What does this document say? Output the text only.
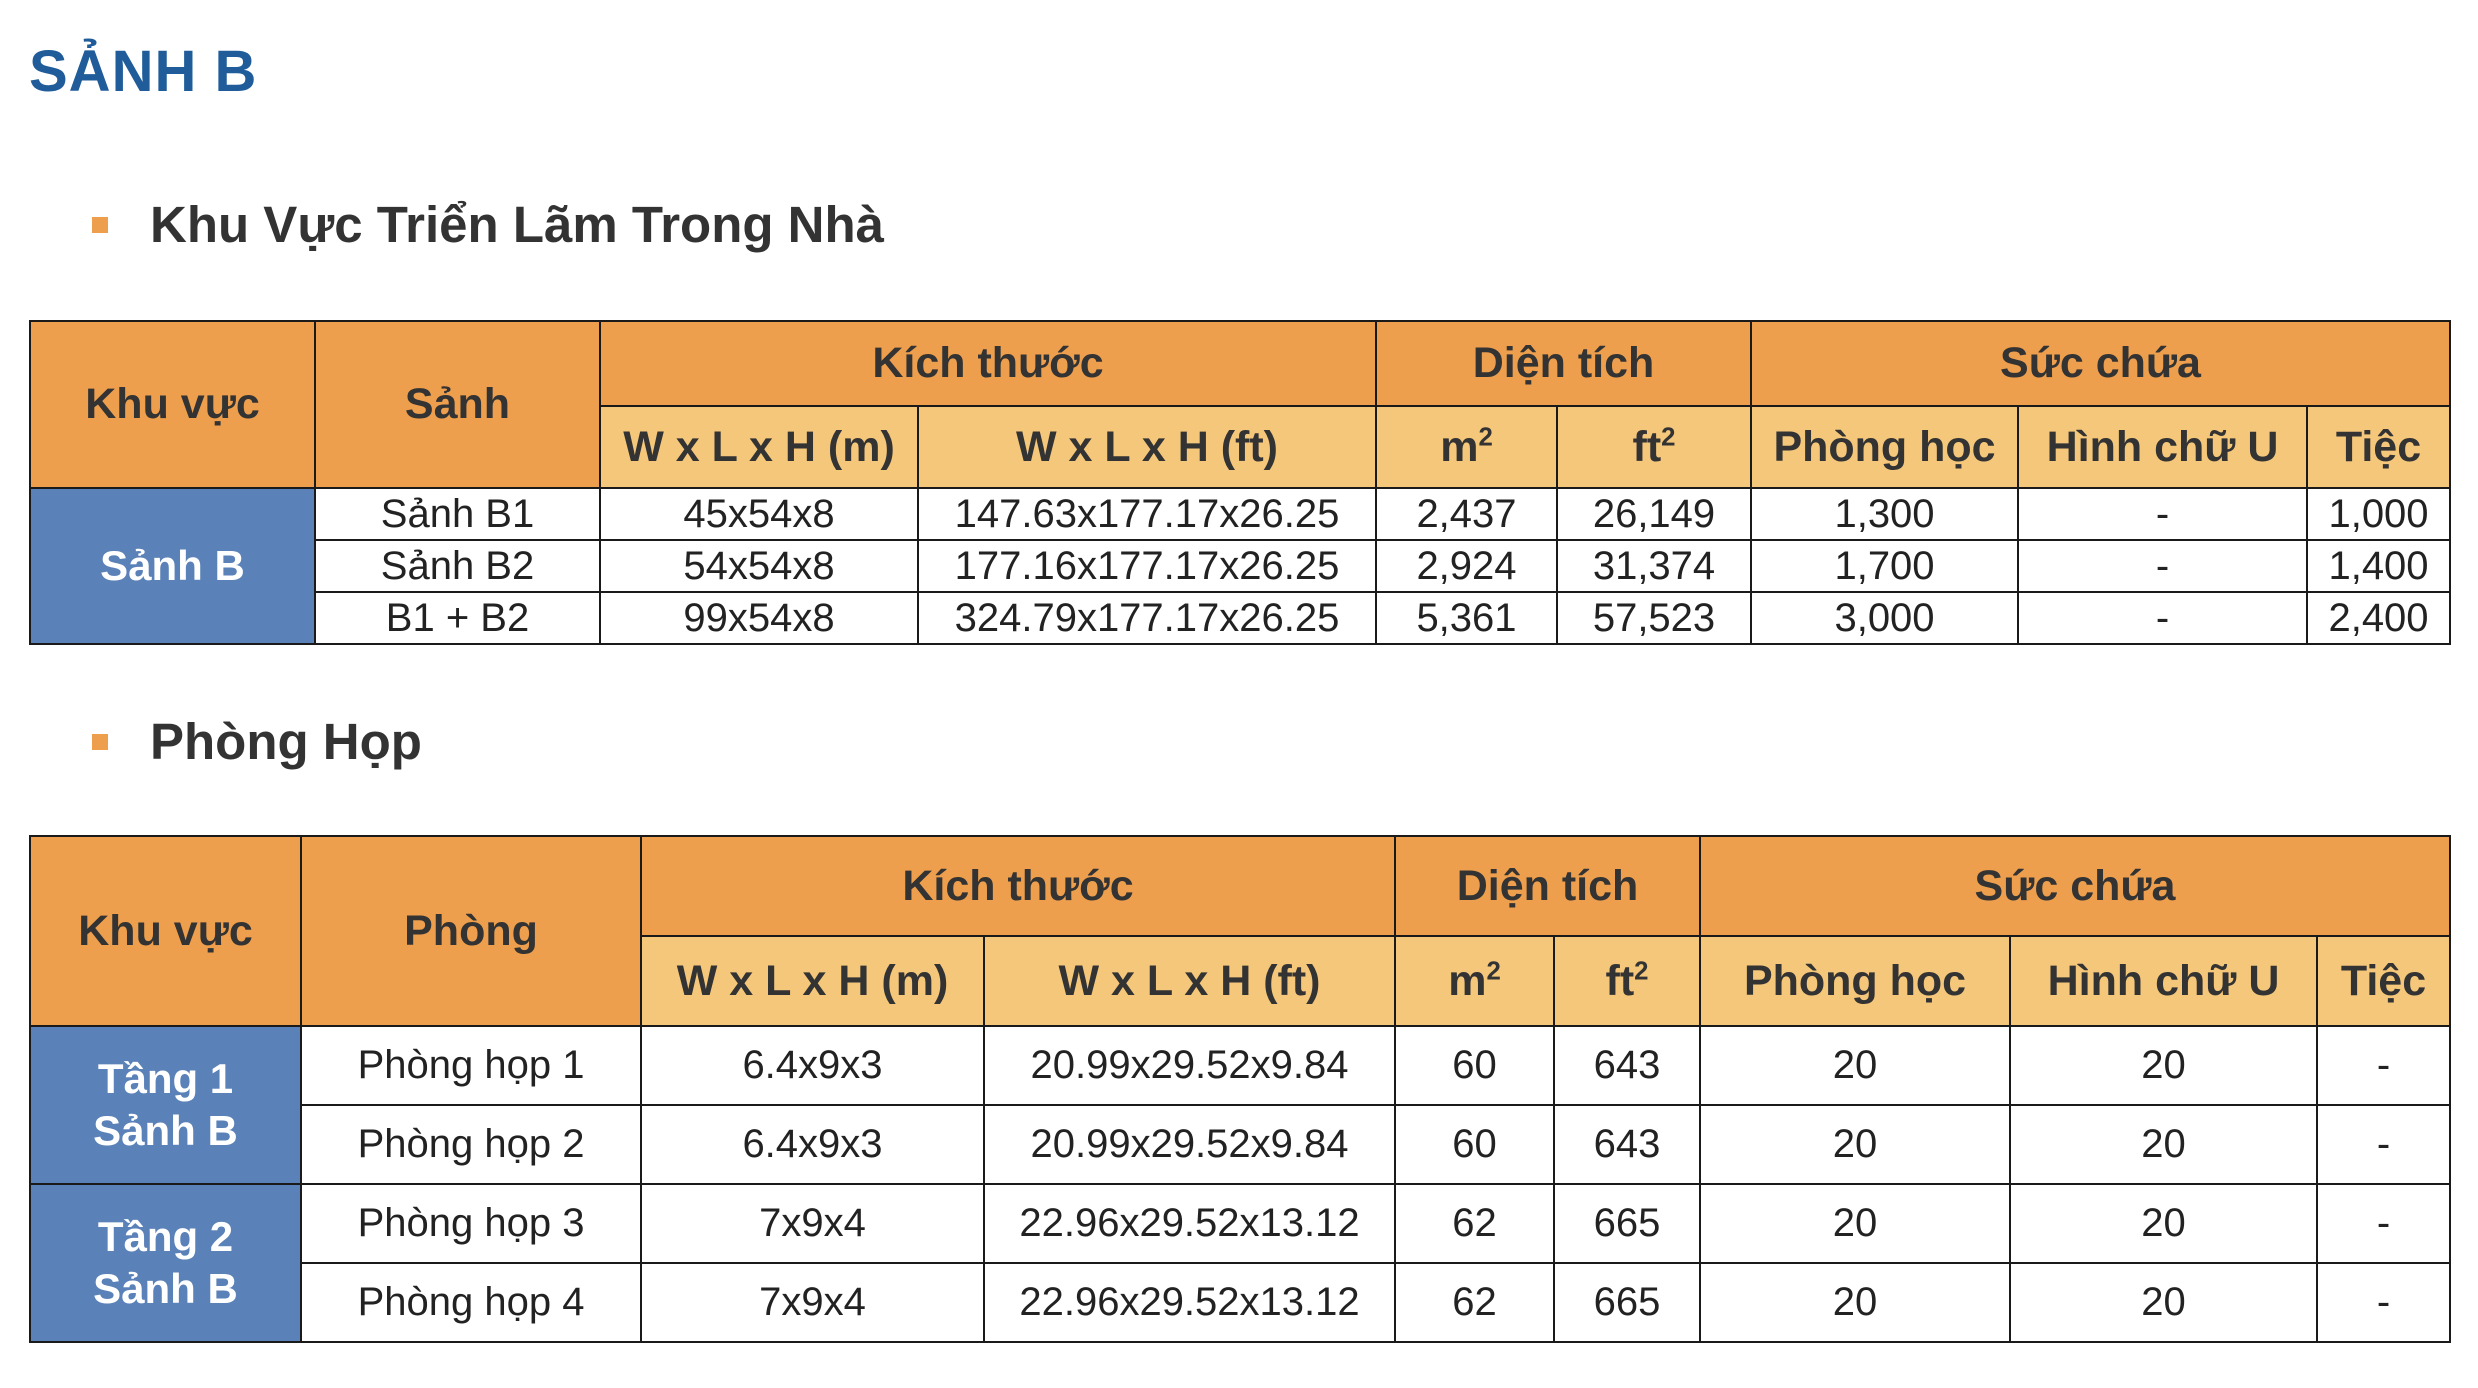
SẢNH B
Khu Vực Triển Lãm Trong Nhà
Khu vực	Sảnh	Kích thước		Diện tích		Sức chứa		
		W x L x H (m)	W x L x H (ft)	$m^2$	$ft^2$	Phòng học	Hình chữ U	Tiệc
Sảnh B	Sảnh B1	45x54x8	147.63x177.17x26.25	2,437	26,149	1,300	-	1,000
	Sảnh B2	54x54x8	177.16x177.17x26.25	2,924	31,374	1,700	-	1,400
	B1 + B2	99x54x8	324.79x177.17x26.25	5,361	57,523	3,000	-	2,400
Phòng Họp
Khu vực	Phòng	Kích thước		Diện tích		Sức chứa		
		W x L x H (m)	W x L x H (ft)	$m^2$	$ft^2$	Phòng học	Hình chữ U	Tiệc

Tầng 1
Sảnh B	Phòng họp 1	6.4x9x3	20.99x29.52x9.84	60	643	20	20	-
	Phòng họp 2	6.4x9x3	20.99x29.52x9.84	60	643	20	20	-

Tầng 2
Sảnh B	Phòng họp 3	7x9x4	22.96x29.52x13.12	62	665	20	20	-
	Phòng họp 4	7x9x4	22.96x29.52x13.12	62	665	20	20	-
